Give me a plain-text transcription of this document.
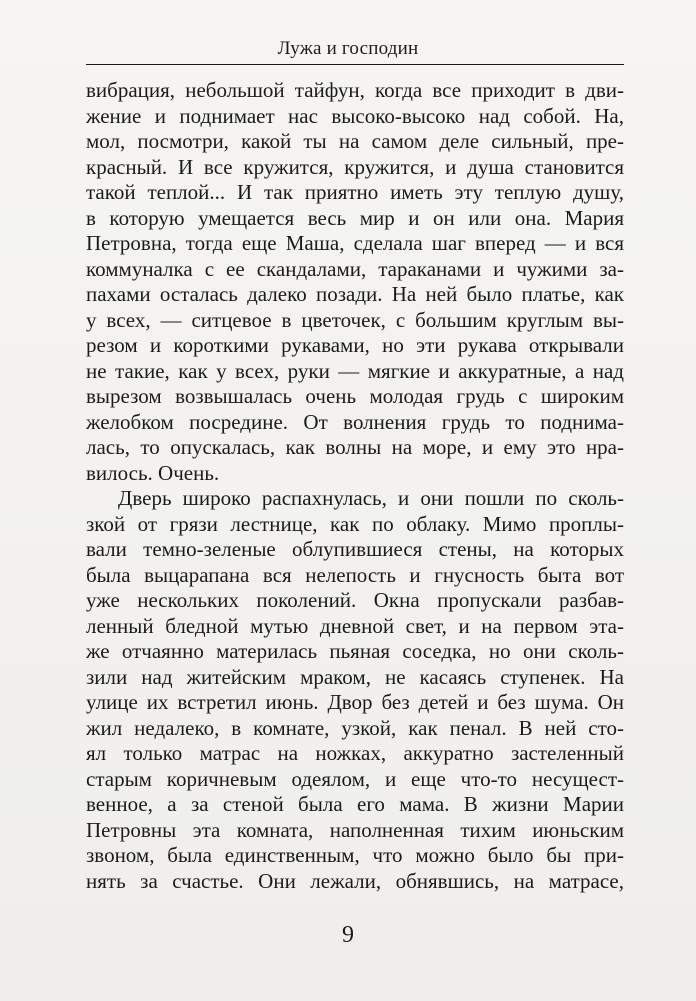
Лужа и господин
вибрация, небольшой тайфун, когда все приходит в дви-
жение и поднимает нас высоко-высоко над собой. На,
мол, посмотри, какой ты на самом деле сильный, пре-
красный. И все кружится, кружится, и душа становится
такой теплой... И так приятно иметь эту теплую душу,
в которую умещается весь мир и он или она. Мария
Петровна, тогда еще Маша, сделала шаг вперед — и вся
коммуналка с ее скандалами, тараканами и чужими за-
пахами осталась далеко позади. На ней было платье, как
у всех, — ситцевое в цветочек, с большим круглым вы-
резом и короткими рукавами, но эти рукава открывали
не такие, как у всех, руки — мягкие и аккуратные, а над
вырезом возвышалась очень молодая грудь с широким
желобком посредине. От волнения грудь то поднима-
лась, то опускалась, как волны на море, и ему это нра-
вилось. Очень.
Дверь широко распахнулась, и они пошли по сколь-
зкой от грязи лестнице, как по облаку. Мимо проплы-
вали темно-зеленые облупившиеся стены, на которых
была выцарапана вся нелепость и гнусность быта вот
уже нескольких поколений. Окна пропускали разбав-
ленный бледной мутью дневной свет, и на первом эта-
же отчаянно материлась пьяная соседка, но они сколь-
зили над житейским мраком, не касаясь ступенек. На
улице их встретил июнь. Двор без детей и без шума. Он
жил недалеко, в комнате, узкой, как пенал. В ней сто-
ял только матрас на ножках, аккуратно застеленный
старым коричневым одеялом, и еще что-то несущест-
венное, а за стеной была его мама. В жизни Марии
Петровны эта комната, наполненная тихим июньским
звоном, была единственным, что можно было бы при-
нять за счастье. Они лежали, обнявшись, на матрасе,
9
